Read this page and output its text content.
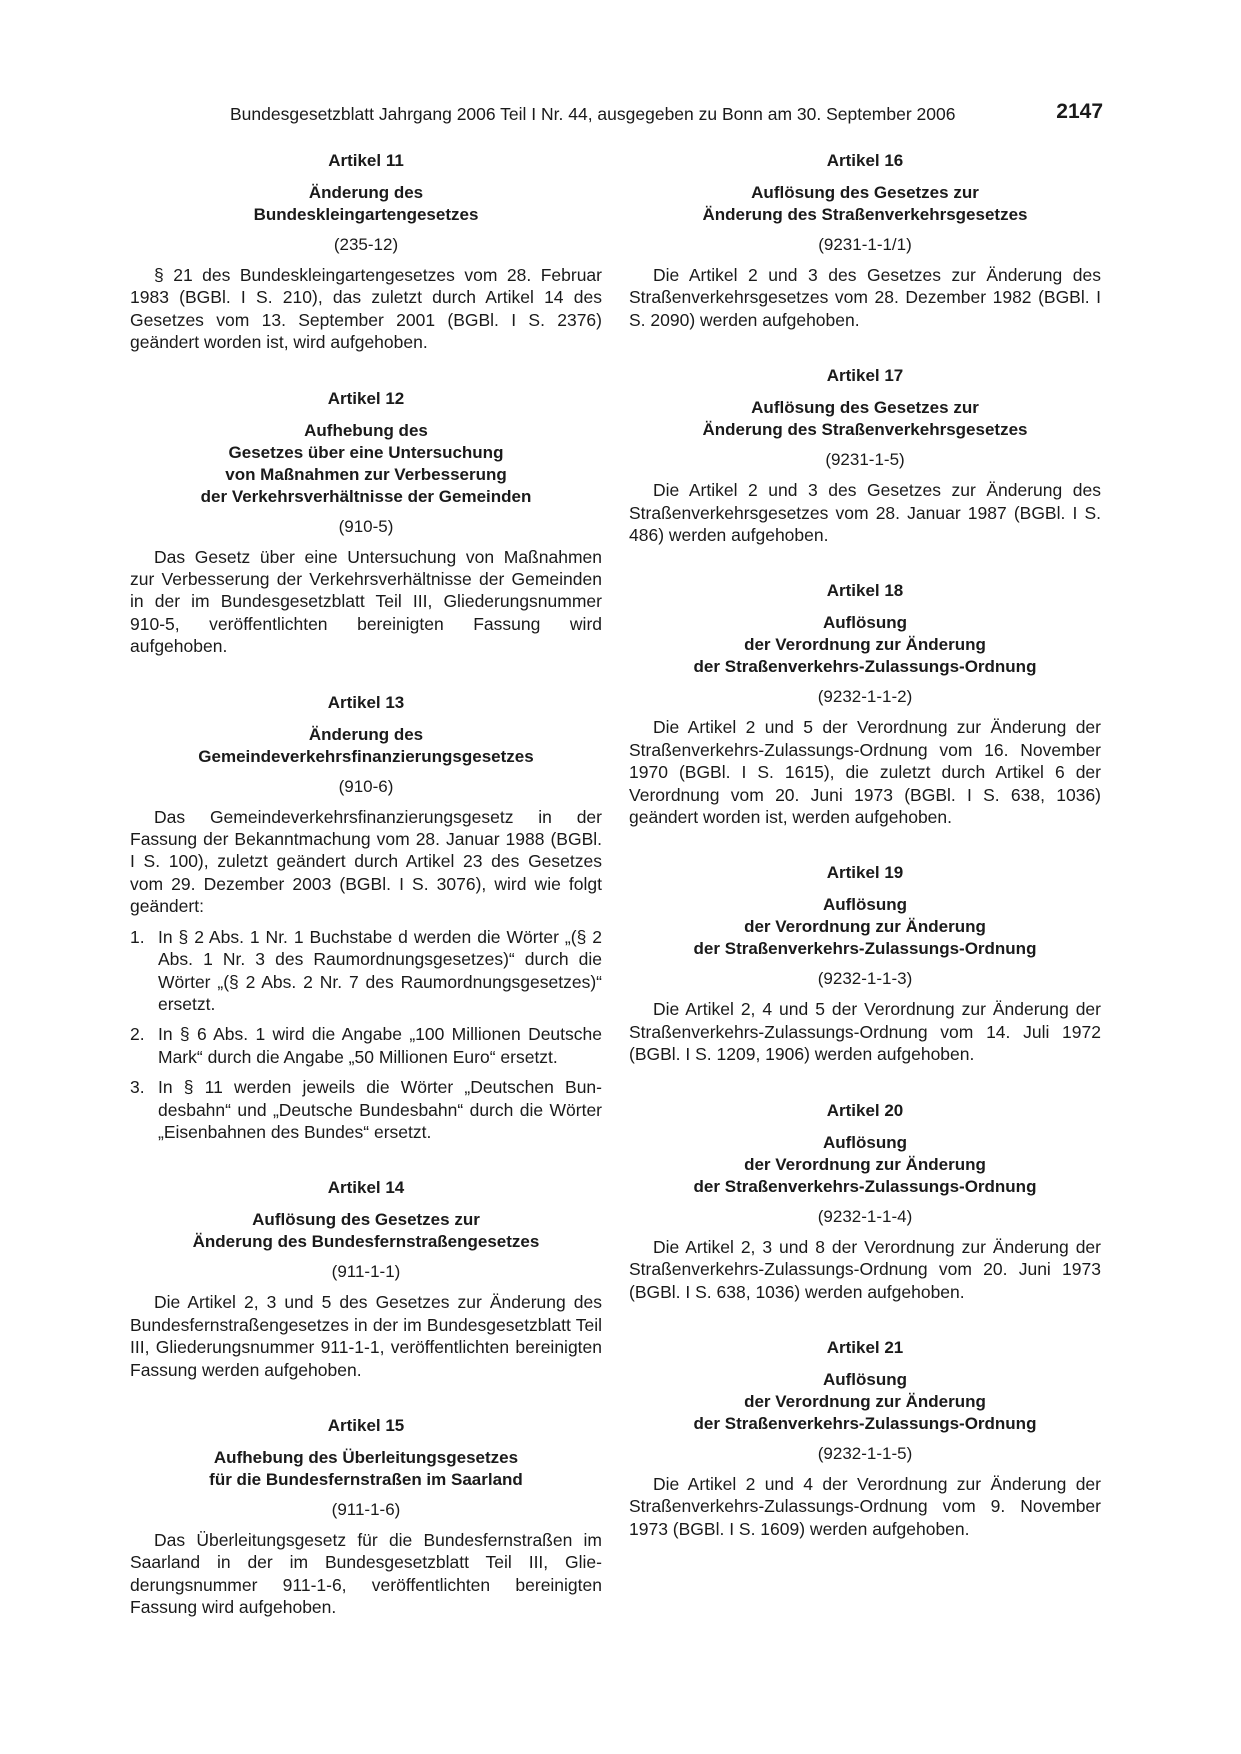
Bundesgesetzblatt Jahrgang 2006 Teil I Nr. 44, ausgegeben zu Bonn am 30. September 2006	2147
Artikel 11
Änderung des
Bundeskleingartengesetzes
(235-12)

§ 21 des Bundeskleingartengesetzes vom 28. Februar 1983 (BGBl. I S. 210), das zuletzt durch Artikel 14 des Gesetzes vom 13. September 2001 (BGBl. I S. 2376) geändert worden ist, wird aufgehoben.

Artikel 12
Aufhebung des
Gesetzes über eine Untersuchung
von Maßnahmen zur Verbesserung
der Verkehrsverhältnisse der Gemeinden
(910-5)

Das Gesetz über eine Untersuchung von Maßnahmen zur Verbesserung der Verkehrsverhältnisse der Gemeinden in der im Bundesgesetzblatt Teil III, Gliederungsnummer 910-5, veröffentlichten bereinigten Fassung wird aufgehoben.

Artikel 13
Änderung des
Gemeindeverkehrsfinanzierungsgesetzes
(910-6)

Das Gemeindeverkehrsfinanzierungsgesetz in der Fassung der Bekanntmachung vom 28. Januar 1988 (BGBl. I S. 100), zuletzt geändert durch Artikel 23 des Gesetzes vom 29. Dezember 2003 (BGBl. I S. 3076), wird wie folgt geändert:

1. In § 2 Abs. 1 Nr. 1 Buchstabe d werden die Wörter „(§ 2 Abs. 1 Nr. 3 des Raumordnungsgesetzes)“ durch die Wörter „(§ 2 Abs. 2 Nr. 7 des Raumordnungsgesetzes)“ ersetzt.
2. In § 6 Abs. 1 wird die Angabe „100 Millionen Deutsche Mark“ durch die Angabe „50 Millionen Euro“ ersetzt.
3. In § 11 werden jeweils die Wörter „Deutschen Bundesbahn“ und „Deutsche Bundesbahn“ durch die Wörter „Eisenbahnen des Bundes“ ersetzt.
Artikel 14
Auflösung des Gesetzes zur
Änderung des Bundesfernstraßengesetzes
(911-1-1)

Die Artikel 2, 3 und 5 des Gesetzes zur Änderung des Bundesfernstraßengesetzes in der im Bundesgesetzblatt Teil III, Gliederungsnummer 911-1-1, veröffentlichten bereinigten Fassung werden aufgehoben.

Artikel 15
Aufhebung des Überleitungsgesetzes
für die Bundesfernstraßen im Saarland
(911-1-6)

Das Überleitungsgesetz für die Bundesfernstraßen im Saarland in der im Bundesgesetzblatt Teil III, Gliederungsnummer 911-1-6, veröffentlichten bereinigten Fassung wird aufgehoben.

Artikel 16
Auflösung des Gesetzes zur
Änderung des Straßenverkehrsgesetzes
(9231-1-1/1)

Die Artikel 2 und 3 des Gesetzes zur Änderung des Straßenverkehrsgesetzes vom 28. Dezember 1982 (BGBl. I S. 2090) werden aufgehoben.

Artikel 17
Auflösung des Gesetzes zur
Änderung des Straßenverkehrsgesetzes
(9231-1-5)

Die Artikel 2 und 3 des Gesetzes zur Änderung des Straßenverkehrsgesetzes vom 28. Januar 1987 (BGBl. I S. 486) werden aufgehoben.

Artikel 18
Auflösung
der Verordnung zur Änderung
der Straßenverkehrs-Zulassungs-Ordnung
(9232-1-1-2)

Die Artikel 2 und 5 der Verordnung zur Änderung der Straßenverkehrs-Zulassungs-Ordnung vom 16. November 1970 (BGBl. I S. 1615), die zuletzt durch Artikel 6 der Verordnung vom 20. Juni 1973 (BGBl. I S. 638, 1036) geändert worden ist, werden aufgehoben.

Artikel 19
Auflösung
der Verordnung zur Änderung
der Straßenverkehrs-Zulassungs-Ordnung
(9232-1-1-3)

Die Artikel 2, 4 und 5 der Verordnung zur Änderung der Straßenverkehrs-Zulassungs-Ordnung vom 14. Juli 1972 (BGBl. I S. 1209, 1906) werden aufgehoben.

Artikel 20
Auflösung
der Verordnung zur Änderung
der Straßenverkehrs-Zulassungs-Ordnung
(9232-1-1-4)

Die Artikel 2, 3 und 8 der Verordnung zur Änderung der Straßenverkehrs-Zulassungs-Ordnung vom 20. Juni 1973 (BGBl. I S. 638, 1036) werden aufgehoben.

Artikel 21
Auflösung
der Verordnung zur Änderung
der Straßenverkehrs-Zulassungs-Ordnung
(9232-1-1-5)

Die Artikel 2 und 4 der Verordnung zur Änderung der Straßenverkehrs-Zulassungs-Ordnung vom 9. November 1973 (BGBl. I S. 1609) werden aufgehoben.
